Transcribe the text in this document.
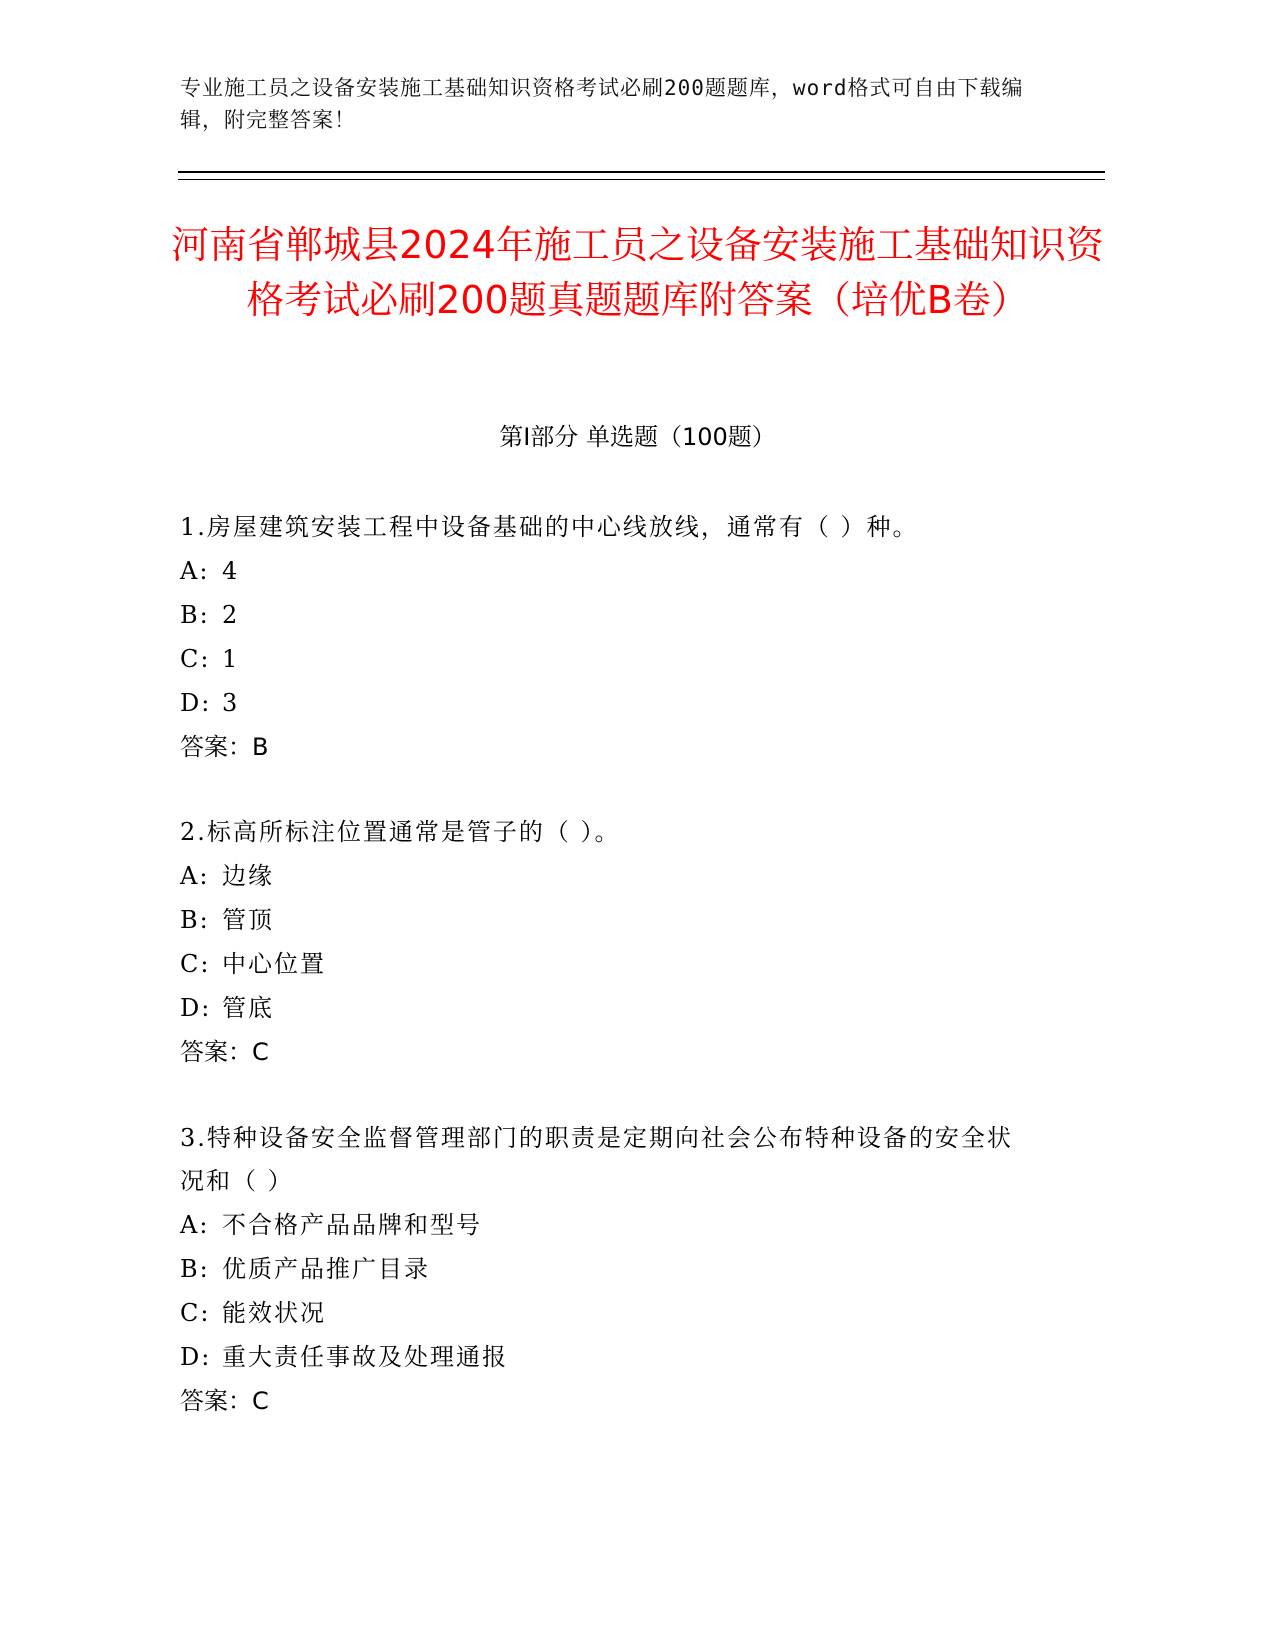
专业施工员之设备安装施工基础知识资格考试必刷200题题库，word格式可自由下载编辑，附完整答案！
河南省郸城县2024年施工员之设备安装施工基础知识资格考试必刷200题真题题库附答案（培优B卷）
第Ⅰ部分 单选题（100题）

1.房屋建筑安装工程中设备基础的中心线放线，通常有（ ）种。

A: 4

B: 2

C: 1

D: 3

答案：B

2.标高所标注位置通常是管子的（ ）。

A: 边缘

B: 管顶

C: 中心位置

D: 管底

答案：C

3.特种设备安全监督管理部门的职责是定期向社会公布特种设备的安全状况和（ ）

A: 不合格产品品牌和型号

B: 优质产品推广目录

C: 能效状况

D: 重大责任事故及处理通报

答案：C
